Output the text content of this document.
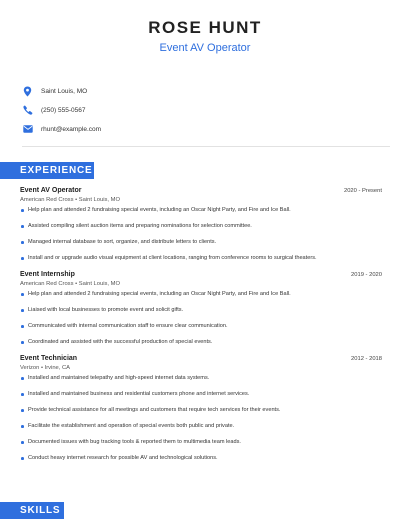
ROSE HUNT
Event AV Operator
Saint Louis, MO
(250) 555-0567
rhunt@example.com
EXPERIENCE
Event AV Operator	2020 - Present
American Red Cross • Saint Louis, MO
Help plan and attended 2 fundraising special events, including an Oscar Night Party, and Fire and Ice Ball.
Assisted compiling silent auction items and preparing nominations for selection committee.
Managed internal database to sort, organize, and distribute letters to clients.
Install and or upgrade audio visual equipment at client locations, ranging from conference rooms to surgical theaters.
Event Internship	2019 - 2020
American Red Cross • Saint Louis, MO
Help plan and attended 2 fundraising special events, including an Oscar Night Party, and Fire and Ice Ball.
Liaised with local businesses to promote event and solicit gifts.
Communicated with internal communication staff to ensure clear communication.
Coordinated and assisted with the successful production of special events.
Event Technician	2012 - 2018
Verizon • Irvine, CA
Installed and maintained telepathy and high-speed internet data systems.
Installed and maintained business and residential customers phone and internet services.
Provide technical assistance for all meetings and customers that require tech services for their events.
Facilitate the establishment and operation of special events both public and private.
Documented issues with bug tracking tools & reported them to multimedia team leads.
Conduct heavy internet research for possible AV and technological solutions.
SKILLS
